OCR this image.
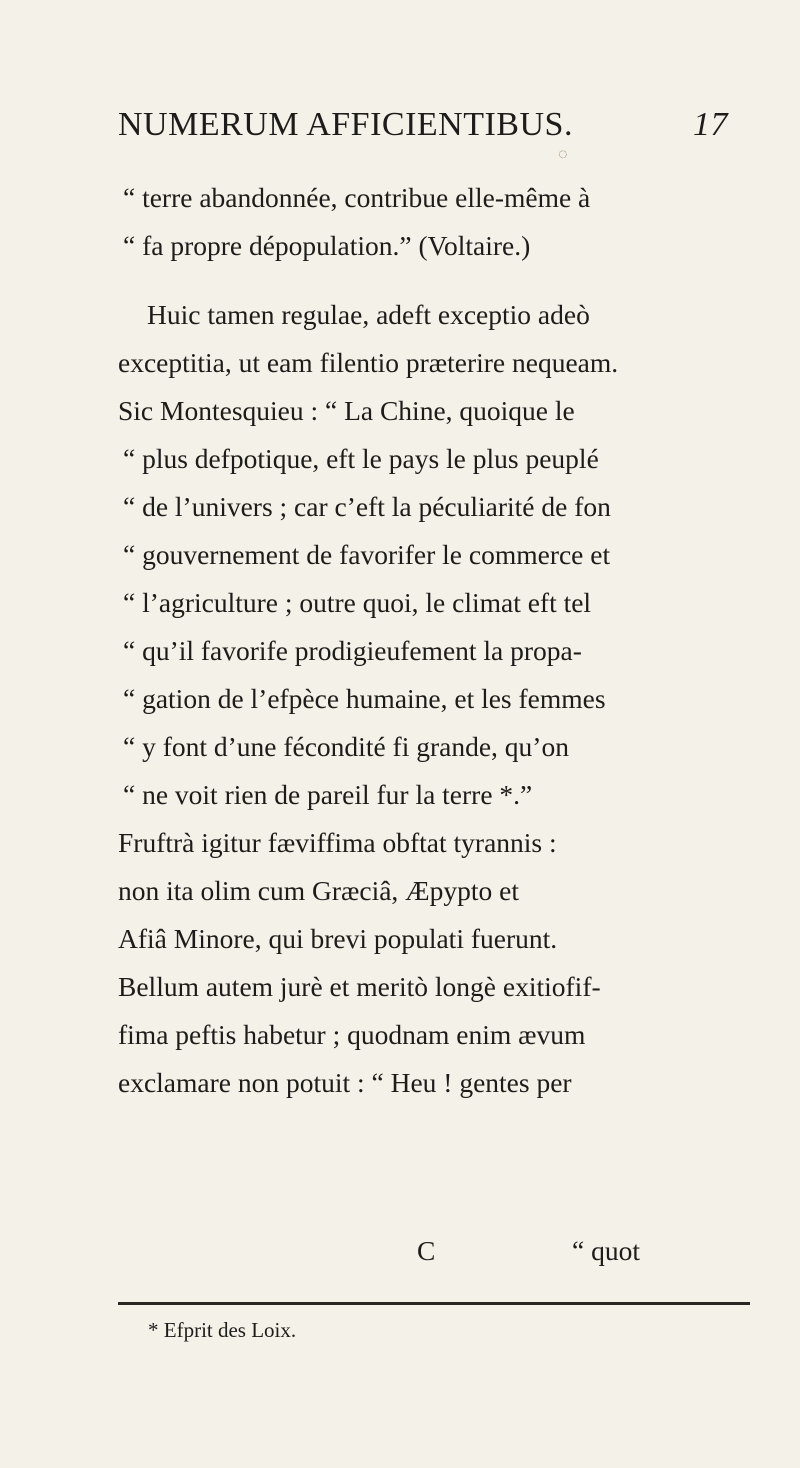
NUMERUM AFFICIENTIBUS.	17
◌
“ terre abandonnée, contribue elle-même à
“ fa propre dépopulation.” (Voltaire.)
Huic tamen regulae, adeft exceptio adeò
exceptitia, ut eam filentio præterire nequeam.
Sic Montesquieu : “ La Chine, quoique le
“ plus defpotique, eft le pays le plus peuplé
“ de l’univers ; car c’eft la péculiarité de fon
“ gouvernement de favorifer le commerce et
“ l’agriculture ; outre quoi, le climat eft tel
“ qu’il favorife prodigieufement la propa-
“ gation de l’efpèce humaine, et les femmes
“ y font d’une fécondité fi grande, qu’on
“ ne voit rien de pareil fur la terre *.”
Fruftrà igitur fæviffima obftat tyrannis :
non ita olim cum Græciâ, Æpypto et
Afiâ Minore, qui brevi populati fuerunt.
Bellum autem jurè et meritò longè exitiofif-
fima peftis habetur ; quodnam enim ævum
exclamare non potuit : “ Heu ! gentes per
C	“ quot
* Efprit des Loix.
